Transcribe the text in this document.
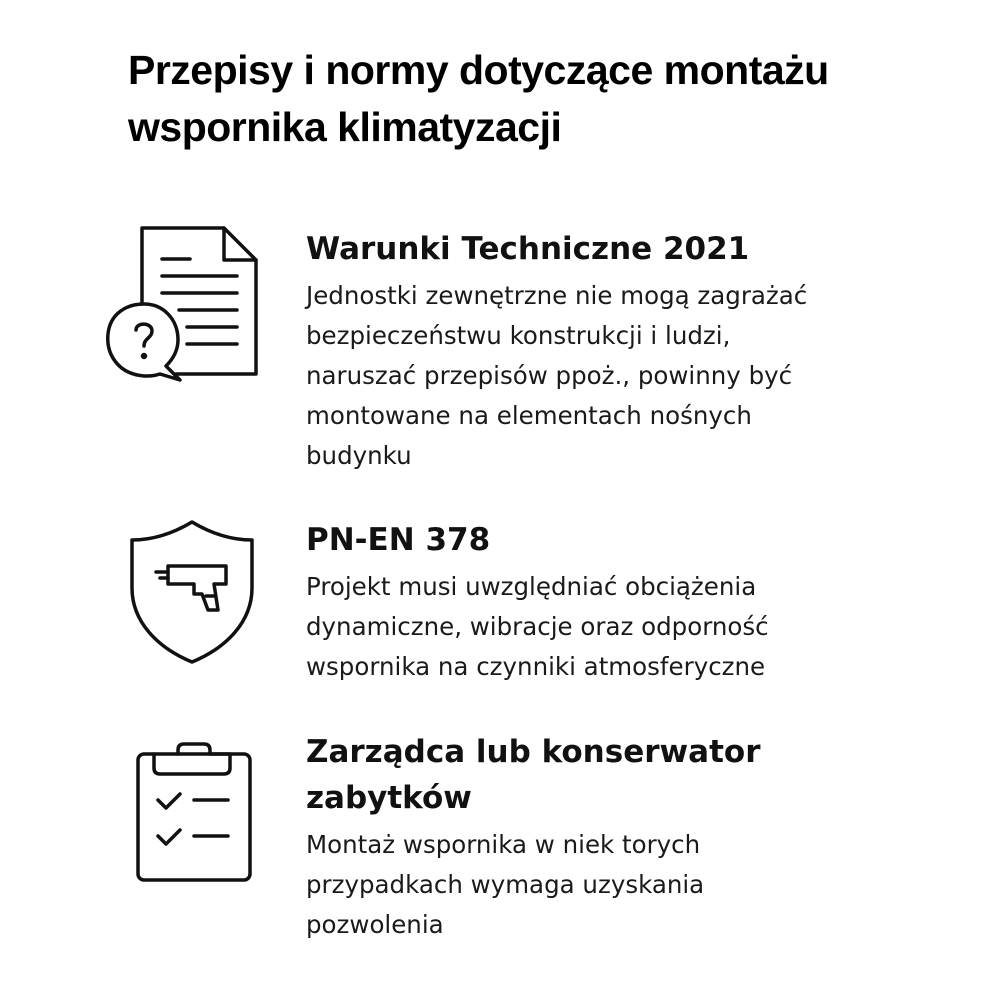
Przepisy i normy dotyczące montażu
wspornika klimatyzacji
Warunki Techniczne 2021
Jednostki zewnętrzne nie mogą zagrażać
bezpieczeństwu konstrukcji i ludzi,
naruszać przepisów ppoż., powinny być
montowane na elementach nośnych
budynku
PN-EN 378
Projekt musi uwzględniać obciążenia
dynamiczne, wibracje oraz odporność
wspornika na czynniki atmosferyczne
Zarządca lub konserwator
zabytków
Montaż wspornika w niek torych
przypadkach wymaga uzyskania
pozwolenia
